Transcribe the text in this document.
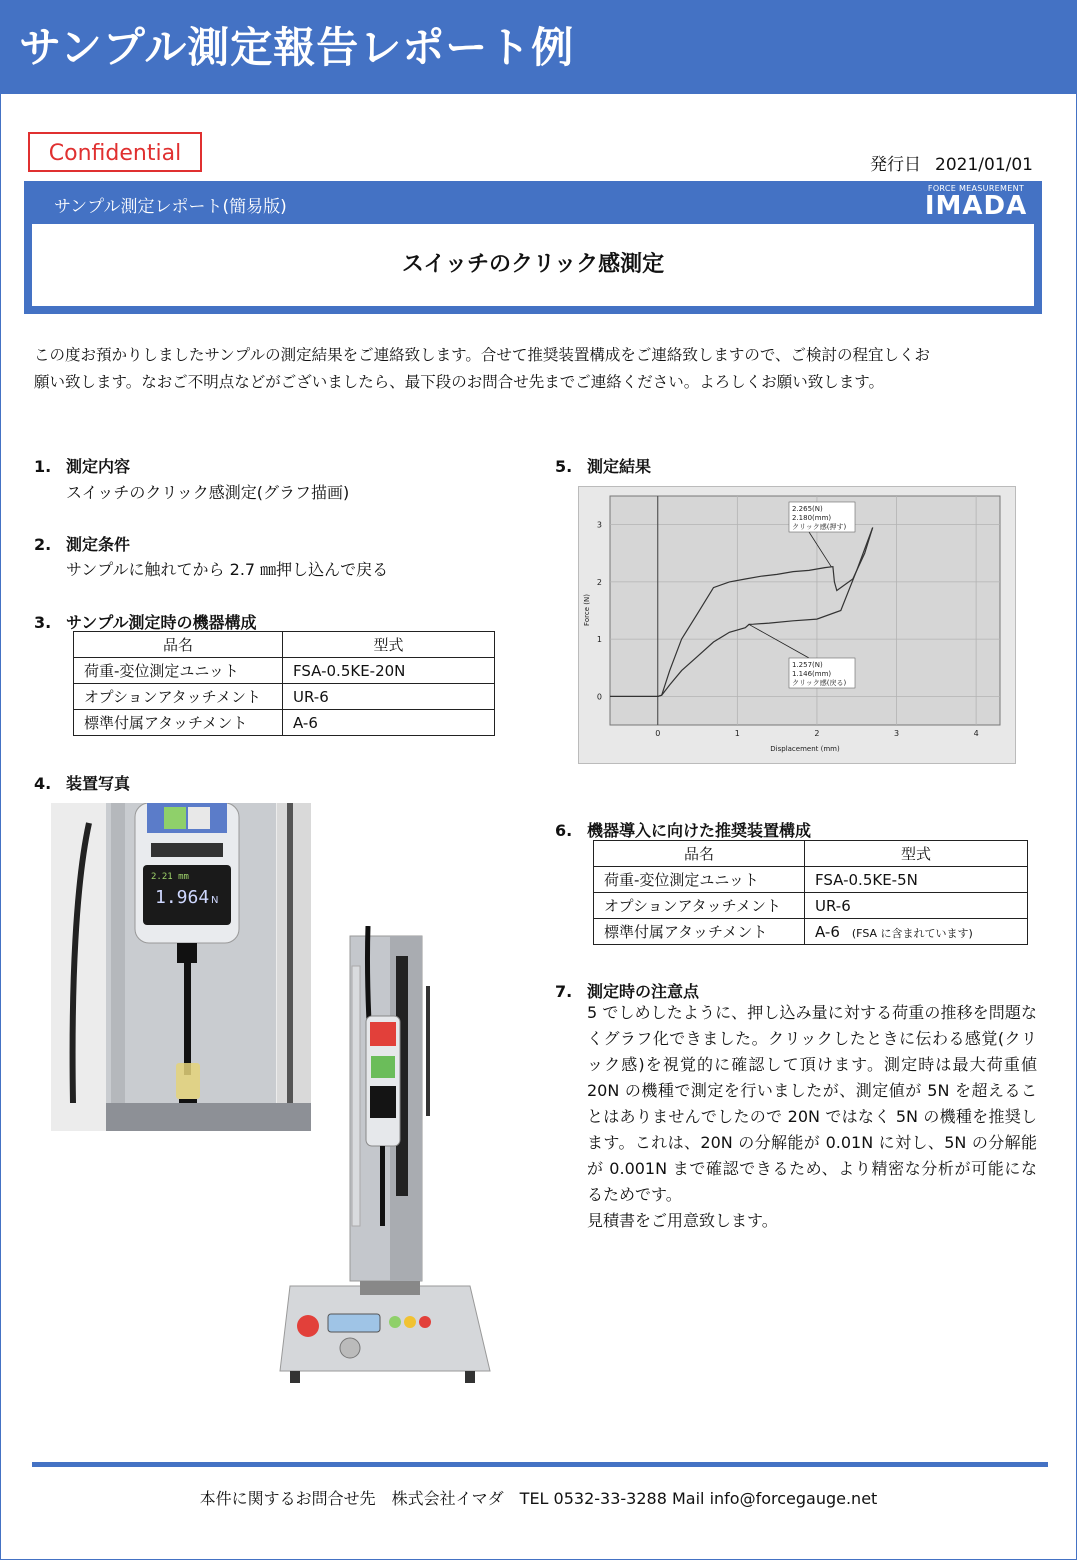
サンプル測定報告レポート例
Confidential	発行日 2021/01/01
サンプル測定レポート(簡易版)
FORCE MEASUREMENT
IMADA
スイッチのクリック感測定
この度お預かりしましたサンプルの測定結果をご連絡致します。合せて推奨装置構成をご連絡致しますので、ご検討の程宜しくお
願い致します。なおご不明点などがございましたら、最下段のお問合せ先までご連絡ください。よろしくお願い致します。
1. 測定内容
スイッチのクリック感測定(グラフ描画)
2. 測定条件
サンプルに触れてから 2.7 ㎜押し込んで戻る
3. サンプル測定時の機器構成
品名	型式
荷重-変位測定ユニット	FSA-0.5KE-20N
オプションアタッチメント	UR-6
標準付属アタッチメント	A-6
4. 装置写真
2.21 mm
1.964 N
5. 測定結果
0	1	2	3	4
0
1
2
3
2.265(N)
2.180(mm)
クリック感(押す)
1.257(N)
1.146(mm)
クリック感(戻る)
Displacement (mm)
Force (N)
6. 機器導入に向けた推奨装置構成
品名	型式
荷重-変位測定ユニット	FSA-0.5KE-5N
オプションアタッチメント	UR-6
標準付属アタッチメント	A-6 (FSA に含まれています)
7. 測定時の注意点

5 でしめしたように、押し込み量に対する荷重の推移を問題なくグラフ化できました。クリックしたときに伝わる感覚(クリック感)を視覚的に確認して頂けます。測定時は最大荷重値 20N の機種で測定を行いましたが、測定値が 5N を超えることはありませんでしたので 20N ではなく 5N の機種を推奨します。これは、20N の分解能が 0.01N に対し、5N の分解能が 0.001N まで確認できるため、より精密な分析が可能になるためです。

見積書をご用意致します。

本件に関するお問合せ先　株式会社イマダ　TEL 0532-33-3288 Mail info@forcegauge.net
